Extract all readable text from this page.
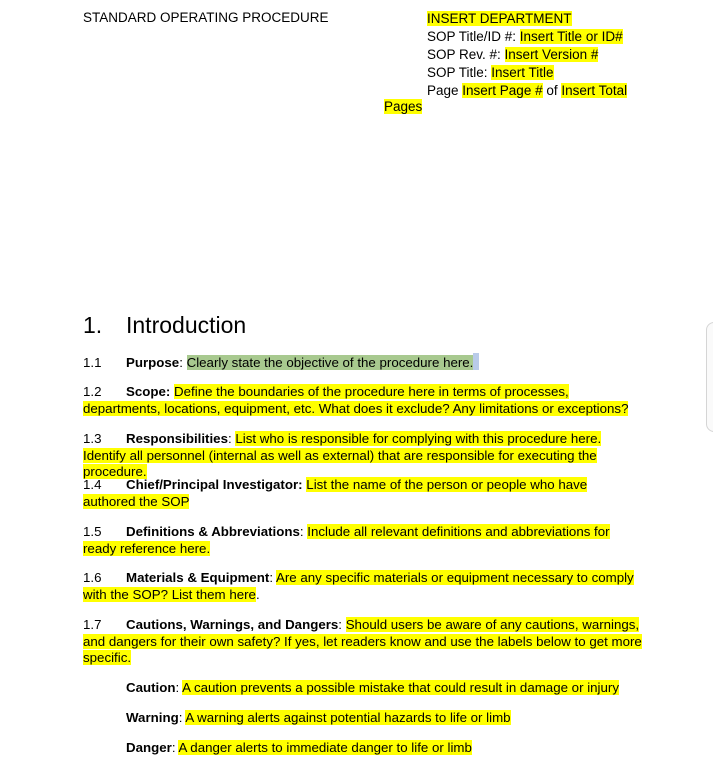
STANDARD OPERATING PROCEDURE	INSERT DEPARTMENT
SOP Title/ID #: Insert Title or ID#
SOP Rev. #: Insert Version #
SOP Title: Insert Title
Page Insert Page # of Insert Total
Pages
1. Introduction
1.1 Purpose: Clearly state the objective of the procedure here.
1.2 Scope: Define the boundaries of the procedure here in terms of processes, departments, locations, equipment, etc. What does it exclude? Any limitations or exceptions?
1.3 Responsibilities: List who is responsible for complying with this procedure here. Identify all personnel (internal as well as external) that are responsible for executing the procedure.
1.4 Chief/Principal Investigator: List the name of the person or people who have authored the SOP
1.5 Definitions & Abbreviations: Include all relevant definitions and abbreviations for ready reference here.
1.6 Materials & Equipment: Are any specific materials or equipment necessary to comply with the SOP? List them here.
1.7 Cautions, Warnings, and Dangers: Should users be aware of any cautions, warnings, and dangers for their own safety? If yes, let readers know and use the labels below to get more specific.
Caution: A caution prevents a possible mistake that could result in damage or injury
Warning: A warning alerts against potential hazards to life or limb
Danger: A danger alerts to immediate danger to life or limb
